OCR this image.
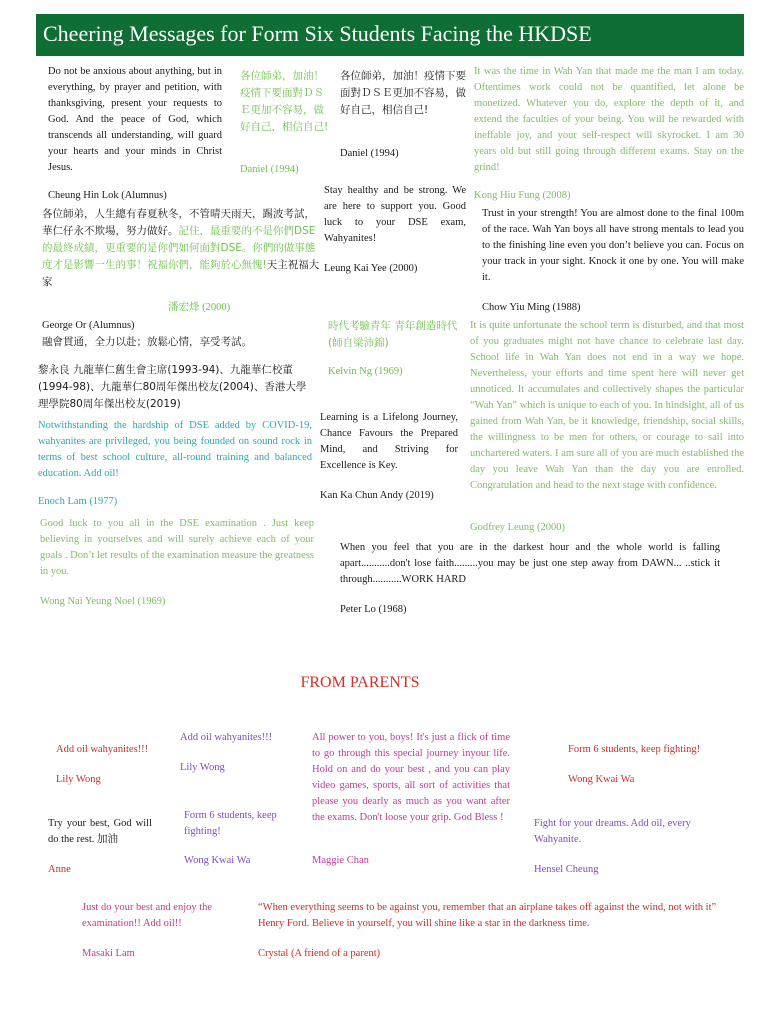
Cheering Messages for Form Six Students Facing the HKDSE

Do not be anxious about anything, but in everything, by prayer and petition, with thanksgiving, present your requests to God. And the peace of God, which transcends all understanding, will guard your hearts and your minds in Christ Jesus.

Cheung Hin Lok (Alumnus)

各位師弟，人生總有春夏秋冬，不管晴天雨天，踢波考試，華仁仔永不欺場，努力做好。記住，最重要的不是你們DSE的最終成績，更重要的是你們如何面對DSE。你們的做事態度才是影響一生的事！祝福你們，能夠於心無愧!天主祝福大家

潘宏烽 (2000)

George Or (Alumnus)

融會貫通，全力以赴；放鬆心情，享受考試。

黎永良 九龍華仁舊生會主席(1993-94)、九龍華仁校董(1994-98)、九龍華仁80周年傑出校友(2004)、香港大學理學院80周年傑出校友(2019)

Notwithstanding the hardship of DSE added by COVID-19, wahyanites are privileged, you being founded on sound rock in terms of best school culture, all-round training and balanced education. Add oil!

Enoch Lam (1977)

Good luck to you all in the DSE examination . Just keep believing in yourselves and will surely achieve each of your goals . Don’t let results of the examination measure the greatness in you.

Wong Nai Yeung Noel (1969)

各位師弟，加油！疫情下要面對ＤＳＥ更加不容易，做好自己，相信自己!

Daniel (1994)

各位師弟，加油！疫情下要面對ＤＳＥ更加不容易，做好自己，相信自己!

Daniel (1994)

Stay healthy and be strong. We are here to support you. Good luck to your DSE exam, Wahyanites!

Leung Kai Yee (2000)

時代考驗青年 青年創造時代 (師自梁沛錦)

Kelvin Ng (1969)

Learning is a Lifelong Journey, Chance Favours the Prepared Mind, and Striving for Excellence is Key.

Kan Ka Chun Andy (2019)

It was the time in Wah Yan that made me the man I am today. Oftentimes work could not be quantified, let alone be monetized. Whatever you do, explore the depth of it, and extend the faculties of your being. You will be rewarded with ineffable joy, and your self-respect will skyrocket. I am 30 years old but still going through different exams. Stay on the grind!

Kong Hiu Fung (2008)

Trust in your strength! You are almost done to the final 100m of the race. Wah Yan boys all have strong mentals to lead you to the finishing line even you don’t believe you can. Focus on your track in your sight. Knock it one by one. You will make it.

Chow Yiu Ming (1988)

It is quite unfortunate the school term is disturbed, and that most of you graduates might not have chance to celebrate last day. School life in Wah Yan does not end in a way we hope. Nevertheless, your efforts and time spent here will never get unnoticed. It accumulates and collectively shapes the particular “Wah Yan” which is unique to each of you. In hindsight, all of us gained from Wah Yan, be it knowledge, friendship, social skills, the willingness to be men for others, or courage to sail into unchartered waters. I am sure all of you are much established the day you leave Wah Yan than the day you are enrolled. Congratulation and head to the next stage with confidence.

Godfrey Leung (2000)

When you feel that you are in the darkest hour and the whole world is falling apart...........don't lose faith.........you may be just one step away from DAWN... ..stick it through...........WORK HARD

Peter Lo (1968)

FROM PARENTS

Add oil wahyanites!!!

Lily Wong

Add oil wahyanites!!!

Lily Wong

All power to you, boys! It's just a flick of time to go through this special journey inyour life. Hold on and do your best , and you can play video games, sports, all sort of activities that please you dearly as much as you want after the exams. Don't loose your grip. God Bless !

Maggie Chan

Form 6 students, keep fighting!

Wong Kwai Wa

Try your best, God will do the rest. 加油

Anne

Form 6 students, keep fighting!

Wong Kwai Wa

Fight for your dreams. Add oil, every Wahyanite.

Hensel Cheung

Just do your best and enjoy the examination!! Add oil!!

Masaki Lam

“When everything seems to be against you, remember that an airplane takes off against the wind, not with it” Henry Ford. Believe in yourself, you will shine like a star in the darkness time.

Crystal (A friend of a parent)
